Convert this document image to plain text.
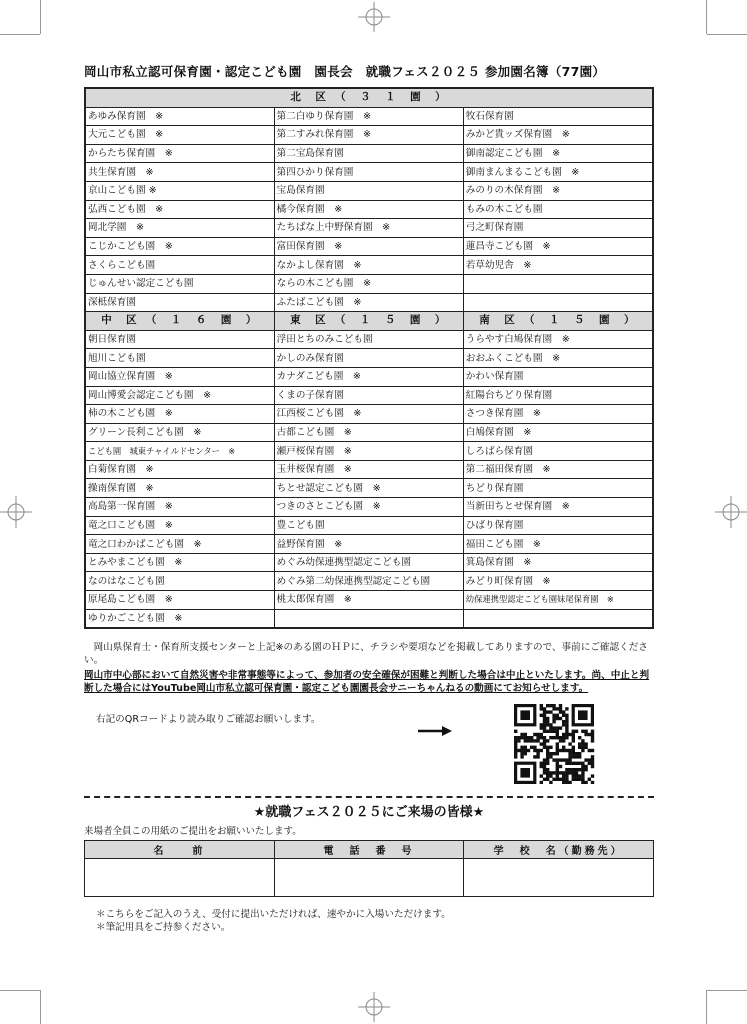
岡山市私立認可保育園・認定こども園　園長会　就職フェス２０２５ 参加園名簿（77園）
北　区　（　３　１　園　）		
あゆみ保育園　※	第二白ゆり保育園　※	牧石保育園
大元こども園　※	第二すみれ保育園　※	みかど貴ッズ保育園　※
からたち保育園　※	第二宝島保育園	御南認定こども園　※
共生保育園　※	第四ひかり保育園	御南まんまるこども園　※
京山こども園 ※	宝島保育園	みのりの木保育園　※
弘西こども園　※	橘今保育園　※	もみの木こども園
岡北学園　※	たちばな上中野保育園　※	弓之町保育園
こじかこども園　※	富田保育園　※	蓮昌寺こども園　※
さくらこども園	なかよし保育園　※	若草幼児舎　※
じゅんせい認定こども園	ならの木こども園　※	
深柢保育園	ふたばこども園　※	
中　区　（　１　６　園　）	東　区　（　１　５　園　）	南　区　（　１　５　園　）
朝日保育園	浮田とちのみこども園	うらやす白鳩保育園　※
旭川こども園	かしのみ保育園	おおふくこども園　※
岡山協立保育園　※	カナダこども園　※	かわい保育園
岡山博愛会認定こども園　※	くまの子保育園	紅陽台ちどり保育園
柿の木こども園　※	江西桜こども園　※	さつき保育園　※
グリーン長利こども園　※	古都こども園　※	白鳩保育園　※
こども園　城東チャイルドセンター　※	瀬戸桜保育園　※	しろばら保育園
白菊保育園　※	玉井桜保育園　※	第二福田保育園　※
操南保育園　※	ちとせ認定こども園　※	ちどり保育園
高島第一保育園　※	つきのさとこども園　※	当新田ちとせ保育園　※
竜之口こども園　※	豊こども園	ひばり保育園
竜之口わかばこども園　※	益野保育園　※	福田こども園　※
とみやまこども園　※	めぐみ幼保連携型認定こども園	箕島保育園　※
なのはなこども園	めぐみ第二幼保連携型認定こども園	みどり町保育園　※
原尾島こども園　※	桃太郎保育園　※	幼保連携型認定こども園妹尾保育園　※
ゆりかごこども園　※		
　岡山県保育士・保育所支援センターと上記※のある園のＨＰに、チラシや要項などを掲載してありますので、事前にご確認ください。
岡山市中心部において自然災害や非常事態等によって、参加者の安全確保が困難と判断した場合は中止といたします。尚、中止と判断した場合にはYouTube岡山市私立認可保育園・認定こども園園長会サニーちゃんねるの動画にてお知らせします。
右記のQRコードより読み取りご確認お願いします。
★就職フェス２０２５にご来場の皆様★
来場者全員この用紙のご提出をお願いいたします。
名　　前	電　話　番　号	学　校　名（勤務先）

＊こちらをご記入のうえ、受付に提出いただければ、速やかに入場いただけます。
＊筆記用具をご持参ください。
